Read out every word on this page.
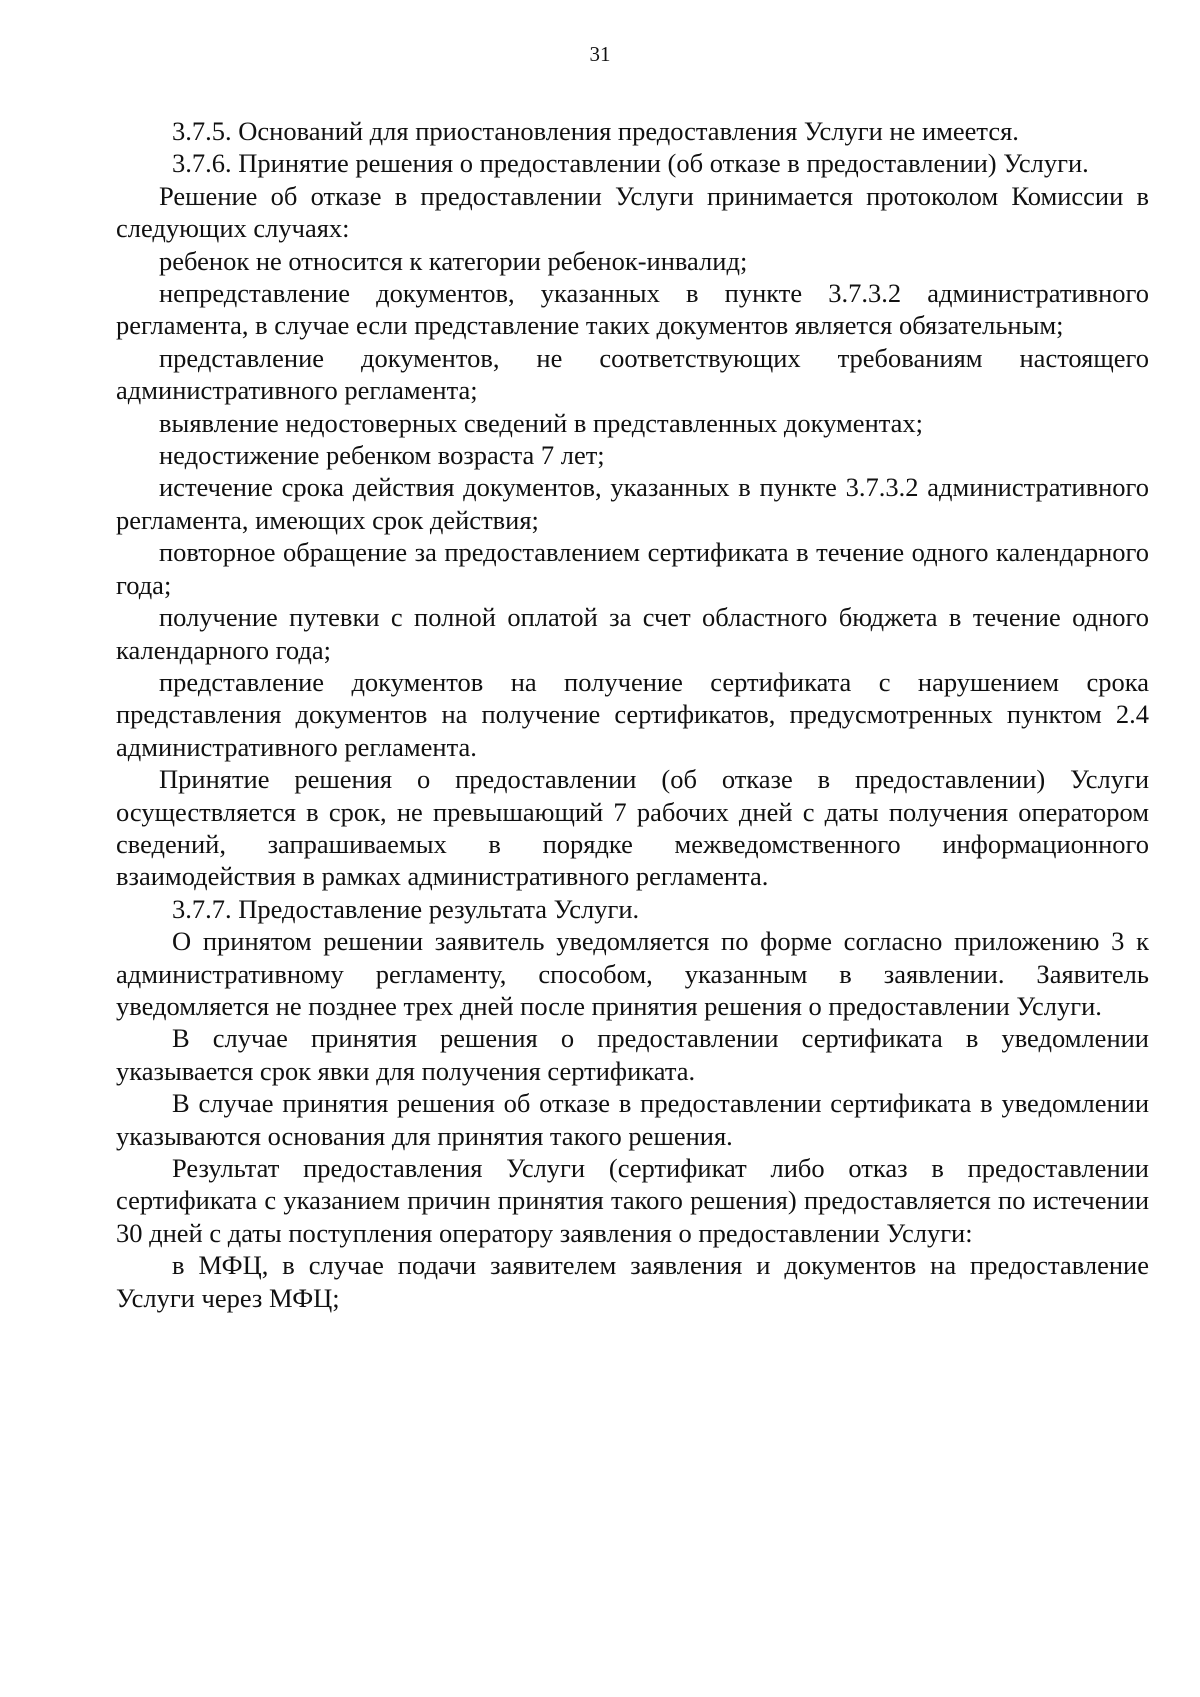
31

3.7.5. Оснований для приостановления предоставления Услуги не имеется.

3.7.6. Принятие решения о предоставлении (об отказе в предоставлении) Услуги.

Решение об отказе в предоставлении Услуги принимается протоколом Комиссии в следующих случаях:

ребенок не относится к категории ребенок-инвалид;

непредставление документов, указанных в пункте 3.7.3.2 административного регламента, в случае если представление таких документов является обязательным;

представление документов, не соответствующих требованиям настоящего административного регламента;

выявление недостоверных сведений в представленных документах;

недостижение ребенком возраста 7 лет;

истечение срока действия документов, указанных в пункте 3.7.3.2 административного регламента, имеющих срок действия;

повторное обращение за предоставлением сертификата в течение одного календарного года;

получение путевки с полной оплатой за счет областного бюджета в течение одного календарного года;

представление документов на получение сертификата с нарушением срока представления документов на получение сертификатов, предусмотренных пунктом 2.4 административного регламента.

Принятие решения о предоставлении (об отказе в предоставлении) Услуги осуществляется в срок, не превышающий 7 рабочих дней с даты получения оператором сведений, запрашиваемых в порядке межведомственного информационного взаимодействия в рамках административного регламента.

3.7.7. Предоставление результата Услуги.

О принятом решении заявитель уведомляется по форме согласно приложению 3 к административному регламенту, способом, указанным в заявлении. Заявитель уведомляется не позднее трех дней после принятия решения о предоставлении Услуги.

В случае принятия решения о предоставлении сертификата в уведомлении указывается срок явки для получения сертификата.

В случае принятия решения об отказе в предоставлении сертификата в уведомлении указываются основания для принятия такого решения.

Результат предоставления Услуги (сертификат либо отказ в предоставлении сертификата с указанием причин принятия такого решения) предоставляется по истечении 30 дней с даты поступления оператору заявления о предоставлении Услуги:

в МФЦ, в случае подачи заявителем заявления и документов на предоставление Услуги через МФЦ;
